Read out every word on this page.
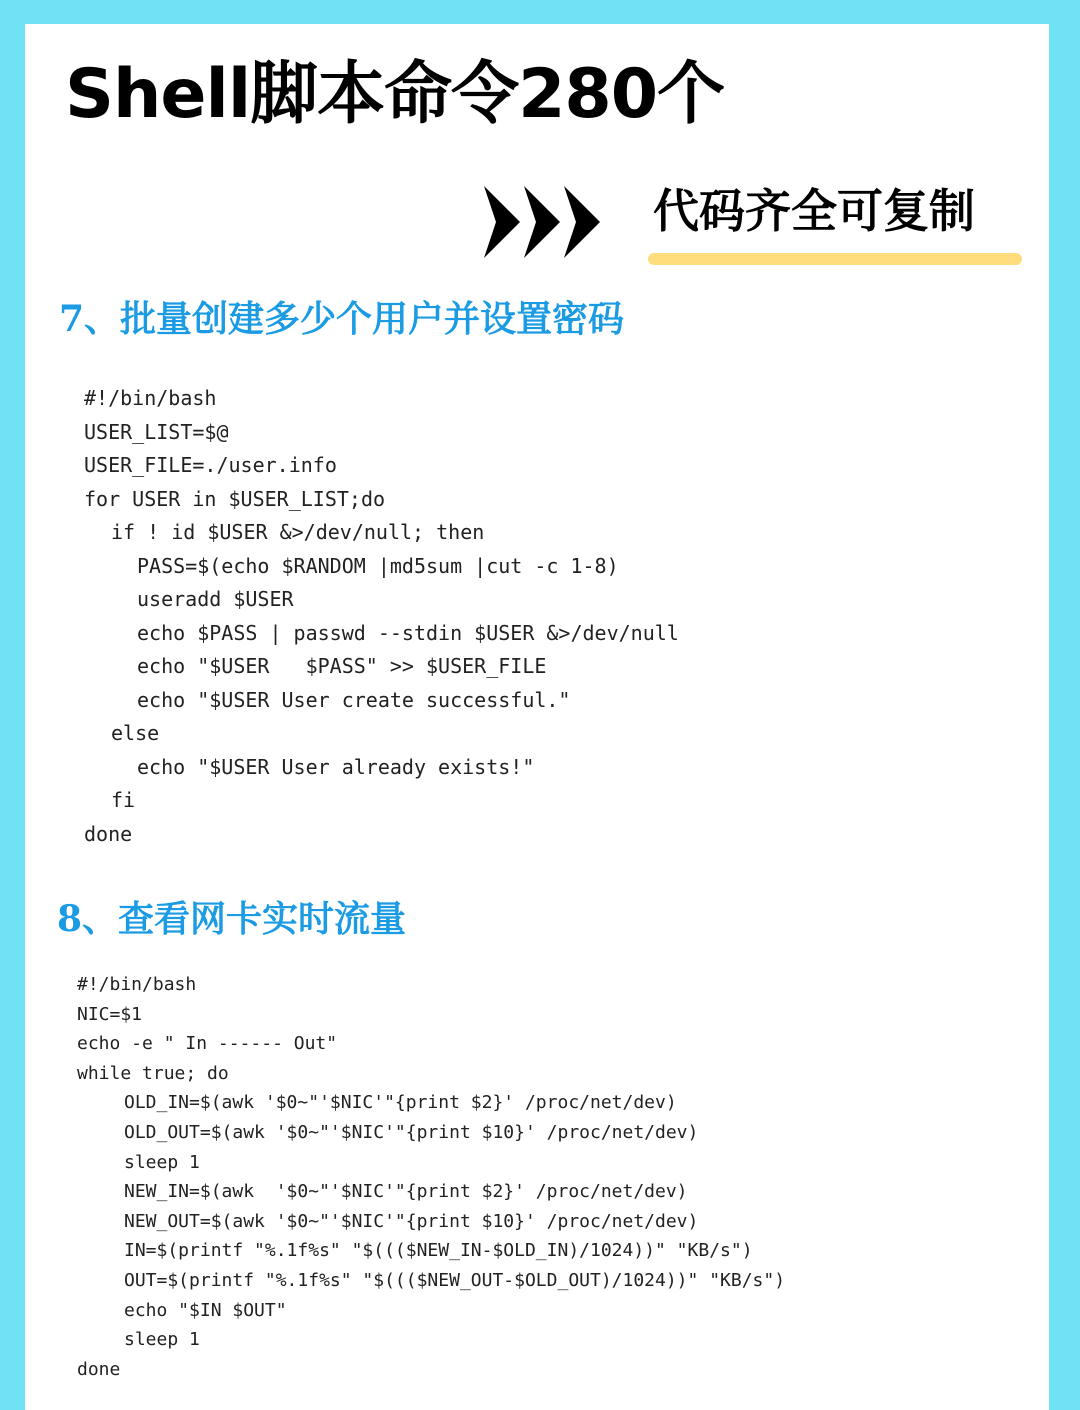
Shell脚本命令280个
代码齐全可复制
7、批量创建多少个用户并设置密码
#!/bin/bash
USER_LIST=$@
USER_FILE=./user.info
for USER in $USER_LIST;do
if ! id $USER &>/dev/null; then
PASS=$(echo $RANDOM |md5sum |cut -c 1-8)
useradd $USER
echo $PASS | passwd --stdin $USER &>/dev/null
echo "$USER   $PASS" >> $USER_FILE
echo "$USER User create successful."
else
echo "$USER User already exists!"
fi
done
8、查看网卡实时流量
#!/bin/bash
NIC=$1
echo -e " In ------ Out"
while true; do
OLD_IN=$(awk '$0~"'$NIC'"{print $2}' /proc/net/dev)
OLD_OUT=$(awk '$0~"'$NIC'"{print $10}' /proc/net/dev)
sleep 1
NEW_IN=$(awk  '$0~"'$NIC'"{print $2}' /proc/net/dev)
NEW_OUT=$(awk '$0~"'$NIC'"{print $10}' /proc/net/dev)
IN=$(printf "%.1f%s" "$((($NEW_IN-$OLD_IN)/1024))" "KB/s")
OUT=$(printf "%.1f%s" "$((($NEW_OUT-$OLD_OUT)/1024))" "KB/s")
echo "$IN $OUT"
sleep 1
done
